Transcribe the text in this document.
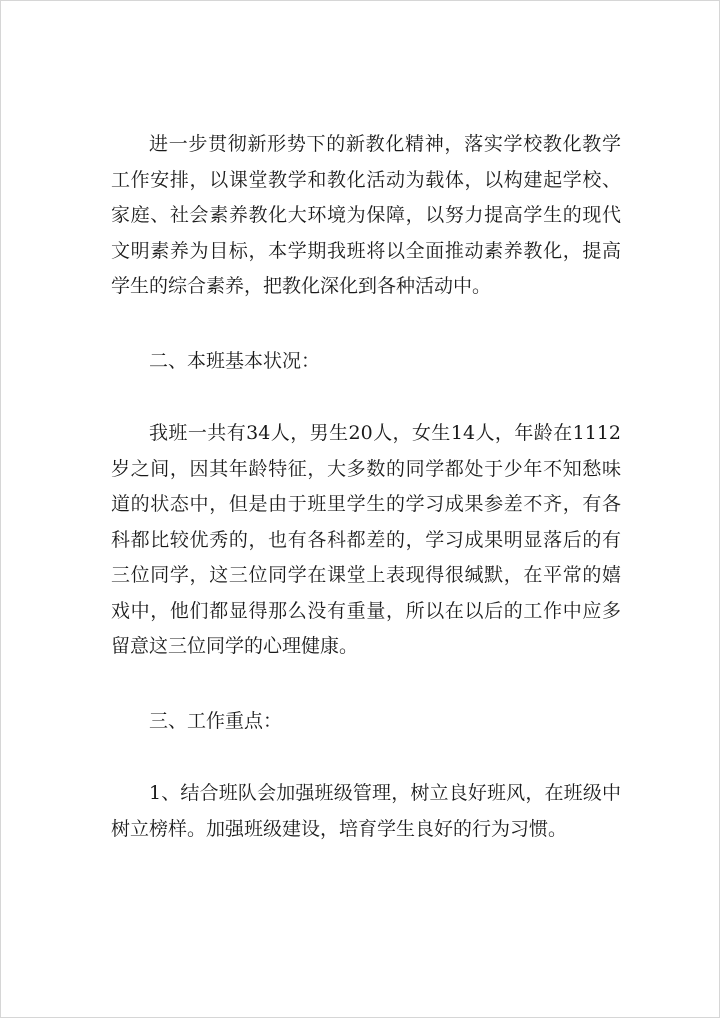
进一步贯彻新形势下的新教化精神，落实学校教化教学工作安排，以课堂教学和教化活动为载体，以构建起学校、家庭、社会素养教化大环境为保障，以努力提高学生的现代文明素养为目标，本学期我班将以全面推动素养教化，提高学生的综合素养，把教化深化到各种活动中。

二、本班基本状况：

我班一共有34人，男生20人，女生14人，年龄在1112岁之间，因其年龄特征，大多数的同学都处于少年不知愁味道的状态中，但是由于班里学生的学习成果参差不齐，有各科都比较优秀的，也有各科都差的，学习成果明显落后的有三位同学，这三位同学在课堂上表现得很缄默，在平常的嬉戏中，他们都显得那么没有重量，所以在以后的工作中应多留意这三位同学的心理健康。

三、工作重点：

1、结合班队会加强班级管理，树立良好班风，在班级中树立榜样。加强班级建设，培育学生良好的行为习惯。
